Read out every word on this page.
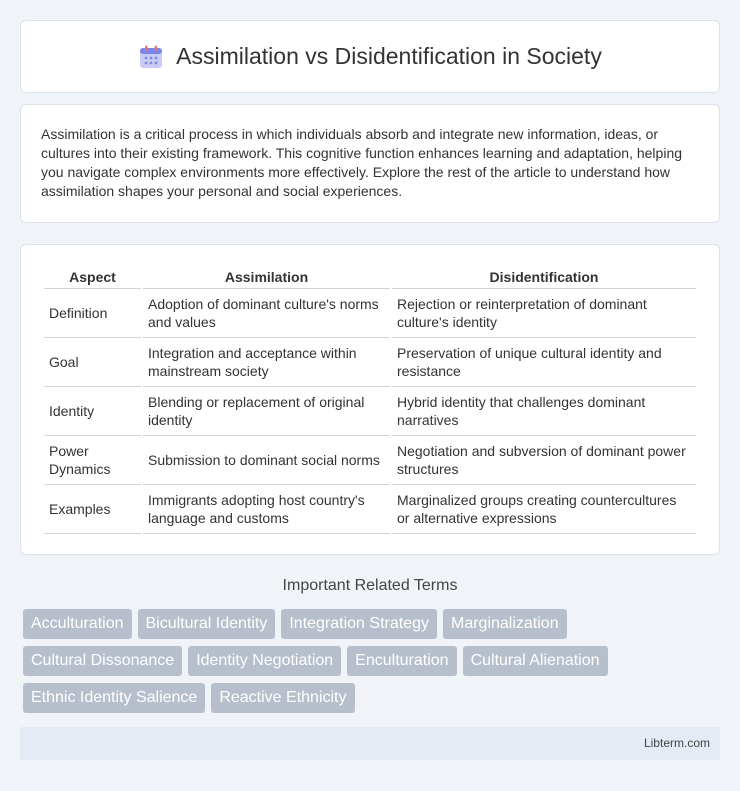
Assimilation vs Disidentification in Society

Assimilation is a critical process in which individuals absorb and integrate new information, ideas, or cultures into their existing framework. This cognitive function enhances learning and adaptation, helping you navigate complex environments more effectively. Explore the rest of the article to understand how assimilation shapes your personal and social experiences.

Aspect	Assimilation	Disidentification
Definition	Adoption of dominant culture's norms and values	Rejection or reinterpretation of dominant culture's identity
Goal	Integration and acceptance within mainstream society	Preservation of unique cultural identity and resistance
Identity	Blending or replacement of original identity	Hybrid identity that challenges dominant narratives
Power Dynamics	Submission to dominant social norms	Negotiation and subversion of dominant power structures
Examples	Immigrants adopting host country's language and customs	Marginalized groups creating countercultures or alternative expressions
Important Related Terms
Acculturation	Bicultural Identity	Integration Strategy	Marginalization
Cultural Dissonance	Identity Negotiation	Enculturation	Cultural Alienation
Ethnic Identity Salience	Reactive Ethnicity
Libterm.com
